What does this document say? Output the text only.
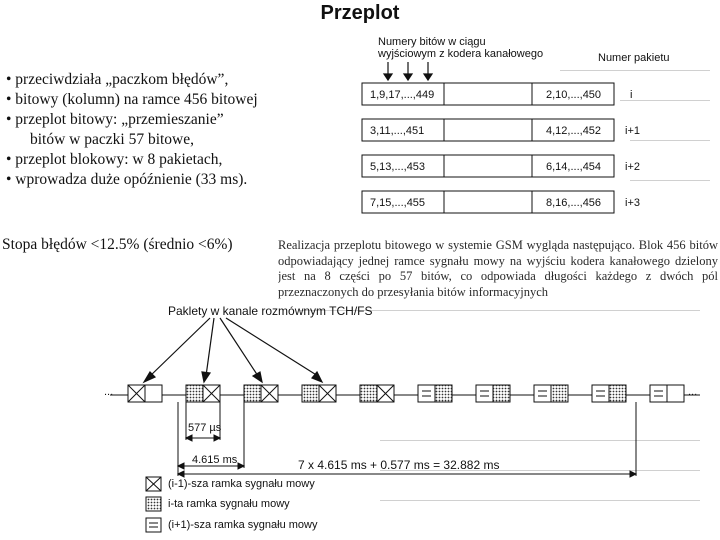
Przeplot
• przeciwdziała „paczkom błędów”,
• bitowy (kolumn) na ramce 456 bitowej
• przeplot bitowy: „przemieszanie”
bitów w paczki 57 bitowe,
• przeplot blokowy: w 8 pakietach,
• wprowadza duże opóźnienie (33 ms).
Stopa błędów <12.5% (średnio <6%)	Realizacja przeplotu bitowego w systemie GSM wygląda następująco. Blok 456 bitów odpowiadający jednej ramce sygnału mowy na wyjściu kodera kanałowego dzielony jest na 8 części po 57 bitów, co odpowiada długości każdego z dwóch pól przeznaczonych do przesyłania bitów informacyjnych
Numery bitów w ciągu
wyjściowym z kodera kanałowego	Numer pakietu
1,9,17,...,449	2,10,...,450	i
3,11,...,451	4,12,...,452 i+1
5,13,...,453	6,14,...,454 i+2
7,15,...,455	8,16,...,456 i+3
Paklety w kanale rozmównym TCH/FS
...	...
577 µs
4.615 ms	7 x 4.615 ms + 0.577 ms = 32.882 ms
(i-1)-sza ramka sygnału mowy
i-ta ramka sygnału mowy
(i+1)-sza ramka sygnału mowy
